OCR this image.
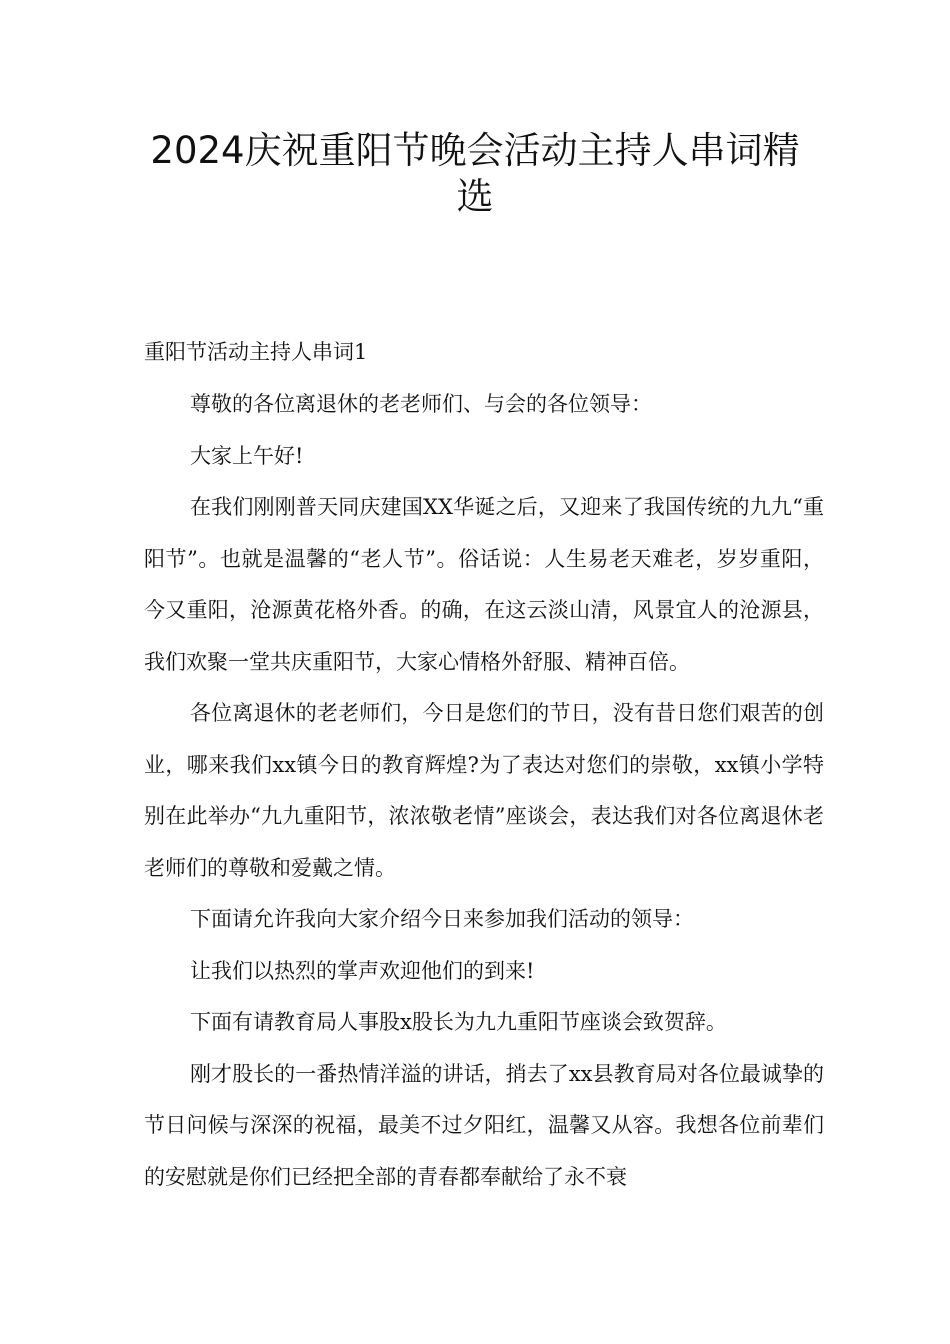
2024庆祝重阳节晚会活动主持人串词精
选

重阳节活动主持人串词1

尊敬的各位离退休的老老师们、与会的各位领导：

大家上午好!

在我们刚刚普天同庆建国XX华诞之后，又迎来了我国传统的九九“重阳节”。也就是温馨的“老人节”。俗话说：人生易老天难老，岁岁重阳，今又重阳，沧源黄花格外香。的确，在这云淡山清，风景宜人的沧源县，我们欢聚一堂共庆重阳节，大家心情格外舒服、精神百倍。

各位离退休的老老师们，今日是您们的节日，没有昔日您们艰苦的创业，哪来我们xx镇今日的教育辉煌?为了表达对您们的崇敬，xx镇小学特别在此举办“九九重阳节，浓浓敬老情”座谈会，表达我们对各位离退休老老师们的尊敬和爱戴之情。

下面请允许我向大家介绍今日来参加我们活动的领导：

让我们以热烈的掌声欢迎他们的到来!

下面有请教育局人事股x股长为九九重阳节座谈会致贺辞。

刚才股长的一番热情洋溢的讲话，捎去了xx县教育局对各位最诚挚的节日问候与深深的祝福，最美不过夕阳红，温馨又从容。我想各位前辈们的安慰就是你们已经把全部的青春都奉献给了永不衰
